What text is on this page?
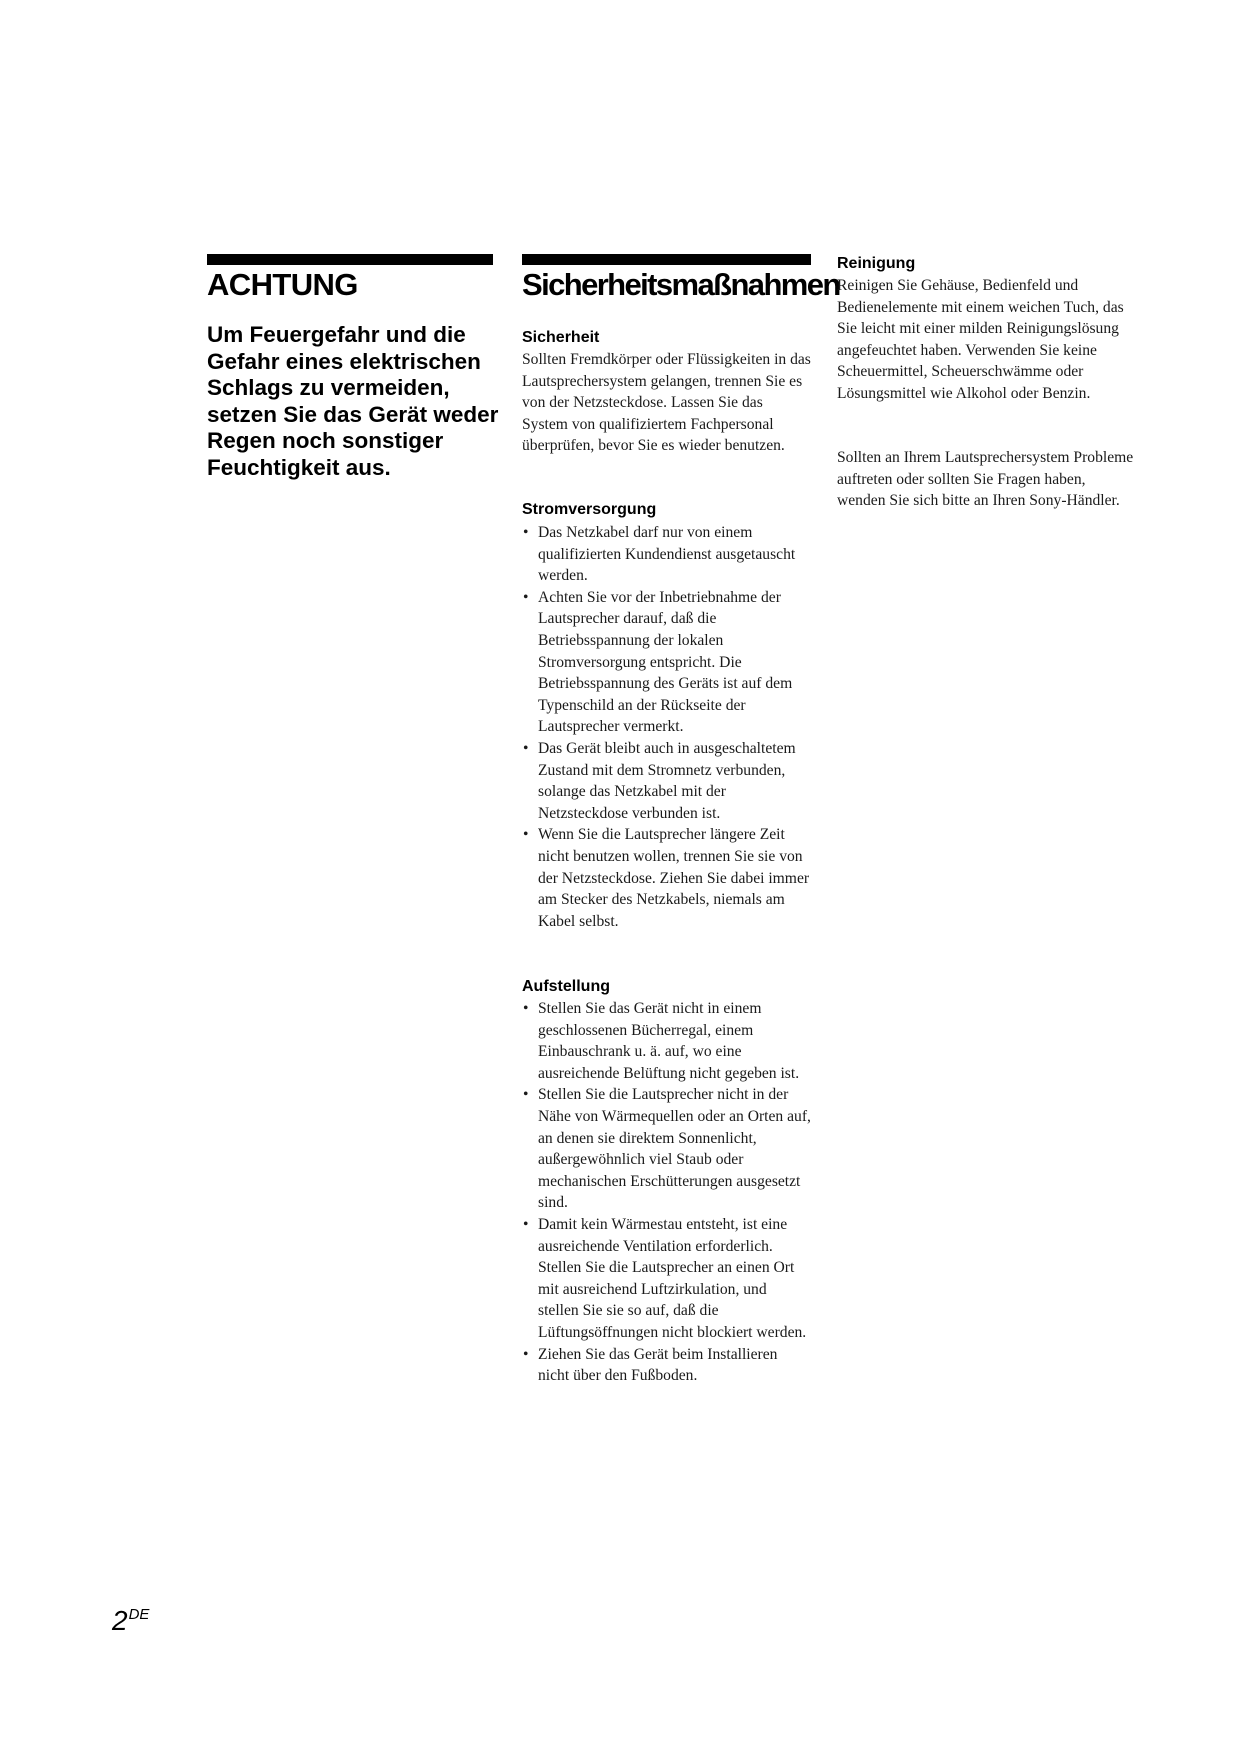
ACHTUNG

Um Feuergefahr und die Gefahr eines elektrischen Schlags zu vermeiden, setzen Sie das Gerät weder Regen noch sonstiger Feuchtigkeit aus.

Sicherheitsmaßnahmen
Sicherheit

Sollten Fremdkörper oder Flüssigkeiten in das Lautsprechersystem gelangen, trennen Sie es von der Netzsteckdose. Lassen Sie das System von qualifiziertem Fachpersonal überprüfen, bevor Sie es wieder benutzen.

Stromversorgung
• Das Netzkabel darf nur von einem qualifizierten Kundendienst ausgetauscht werden.
• Achten Sie vor der Inbetriebnahme der Lautsprecher darauf, daß die Betriebsspannung der lokalen Stromversorgung entspricht. Die Betriebsspannung des Geräts ist auf dem Typenschild an der Rückseite der Lautsprecher vermerkt.
• Das Gerät bleibt auch in ausgeschaltetem Zustand mit dem Stromnetz verbunden, solange das Netzkabel mit der Netzsteckdose verbunden ist.
• Wenn Sie die Lautsprecher längere Zeit nicht benutzen wollen, trennen Sie sie von der Netzsteckdose. Ziehen Sie dabei immer am Stecker des Netzkabels, niemals am Kabel selbst.
Aufstellung
• Stellen Sie das Gerät nicht in einem geschlossenen Bücherregal, einem Einbauschrank u. ä. auf, wo eine ausreichende Belüftung nicht gegeben ist.
• Stellen Sie die Lautsprecher nicht in der Nähe von Wärmequellen oder an Orten auf, an denen sie direktem Sonnenlicht, außergewöhnlich viel Staub oder mechanischen Erschütterungen ausgesetzt sind.
• Damit kein Wärmestau entsteht, ist eine ausreichende Ventilation erforderlich. Stellen Sie die Lautsprecher an einen Ort mit ausreichend Luftzirkulation, und stellen Sie sie so auf, daß die Lüftungsöffnungen nicht blockiert werden.
• Ziehen Sie das Gerät beim Installieren nicht über den Fußboden.
Reinigung

Reinigen Sie Gehäuse, Bedienfeld und Bedienelemente mit einem weichen Tuch, das Sie leicht mit einer milden Reinigungslösung angefeuchtet haben. Verwenden Sie keine Scheuermittel, Scheuerschwämme oder Lösungsmittel wie Alkohol oder Benzin.

Sollten an Ihrem Lautsprechersystem Probleme auftreten oder sollten Sie Fragen haben, wenden Sie sich bitte an Ihren Sony-Händler.

2DE
